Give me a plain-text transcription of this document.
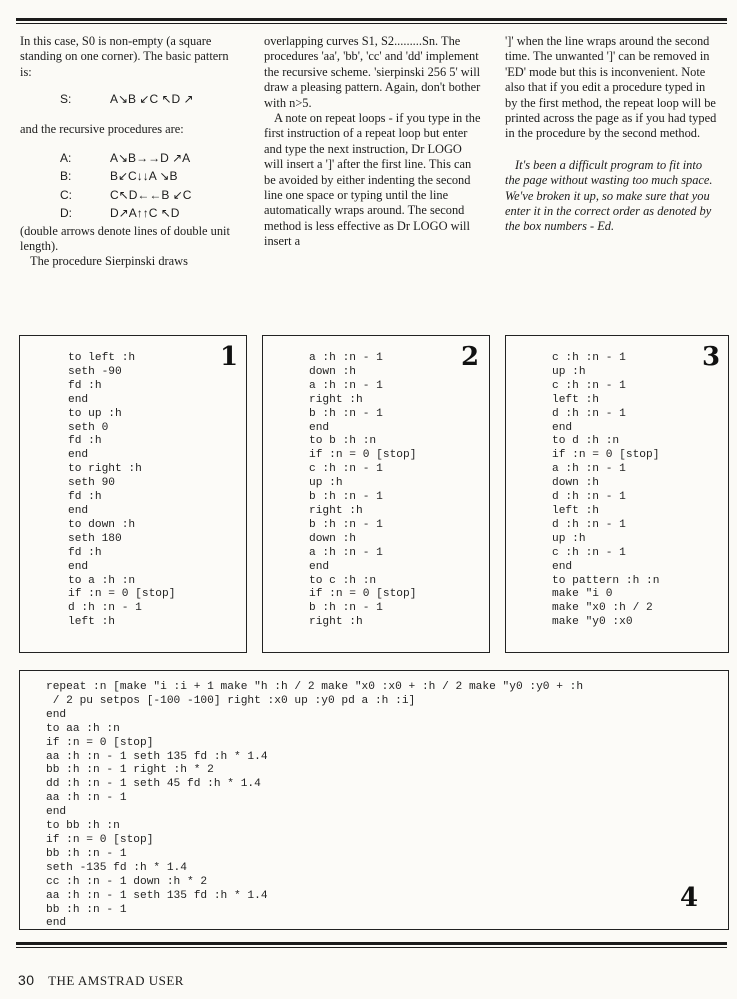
In this case, S0 is non-empty (a square standing on one corner). The basic pattern is:

S:	A↘B ↙C ↖D ↗

and the recursive procedures are:

A:	A↘B→→D ↗A
B:	B↙C↓↓A ↘B
C:	C↖D←←B ↙C
D:	D↗A↑↑C ↖D

(double arrows denote lines of double unit length).

The procedure Sierpinski draws

overlapping curves S1, S2.........Sn. The procedures 'aa', 'bb', 'cc' and 'dd' implement the recursive scheme. 'sierpinski 256 5' will draw a pleasing pattern. Again, don't bother with n>5.

A note on repeat loops - if you type in the first instruction of a repeat loop but enter and type the next instruction, Dr LOGO will insert a ']' after the first line. This can be avoided by either indenting the second line one space or typing until the line automatically wraps around. The second method is less effective as Dr LOGO will insert a

']' when the line wraps around the second time. The unwanted ']' can be removed in 'ED' mode but this is inconvenient. Note also that if you edit a procedure typed in by the first method, the repeat loop will be printed across the page as if you had typed in the procedure by the second method.

It's been a difficult program to fit into the page without wasting too much space. We've broken it up, so make sure that you enter it in the correct order as denoted by the box numbers - Ed.

to left :h
seth -90
fd :h
end
to up :h
seth 0
fd :h
end
to right :h
seth 90
fd :h
end
to down :h
seth 180
fd :h
end
to a :h :n
if :n = 0 [stop]
d :h :n - 1
left :h
1	a :h :n - 1
down :h
a :h :n - 1
right :h
b :h :n - 1
end
to b :h :n
if :n = 0 [stop]
c :h :n - 1
up :h
b :h :n - 1
right :h
b :h :n - 1
down :h
a :h :n - 1
end
to c :h :n
if :n = 0 [stop]
b :h :n - 1
right :h
2	c :h :n - 1
up :h
c :h :n - 1
left :h
d :h :n - 1
end
to d :h :n
if :n = 0 [stop]
a :h :n - 1
down :h
d :h :n - 1
left :h
d :h :n - 1
up :h
c :h :n - 1
end
to pattern :h :n
make "i 0
make "x0 :h / 2
make "y0 :x0
3
repeat :n [make "i :i + 1 make "h :h / 2 make "x0 :x0 + :h / 2 make "y0 :y0 + :h
/ 2 pu setpos [-100 -100] right :x0 up :y0 pd a :h :i]
end
to aa :h :n
if :n = 0 [stop]
aa :h :n - 1 seth 135 fd :h * 1.4
bb :h :n - 1 right :h * 2
dd :h :n - 1 seth 45 fd :h * 1.4
aa :h :n - 1
end
to bb :h :n
if :n = 0 [stop]
bb :h :n - 1
seth -135 fd :h * 1.4
cc :h :n - 1 down :h * 2
aa :h :n - 1 seth 135 fd :h * 1.4
bb :h :n - 1
end
4
30 THE AMSTRAD USER
